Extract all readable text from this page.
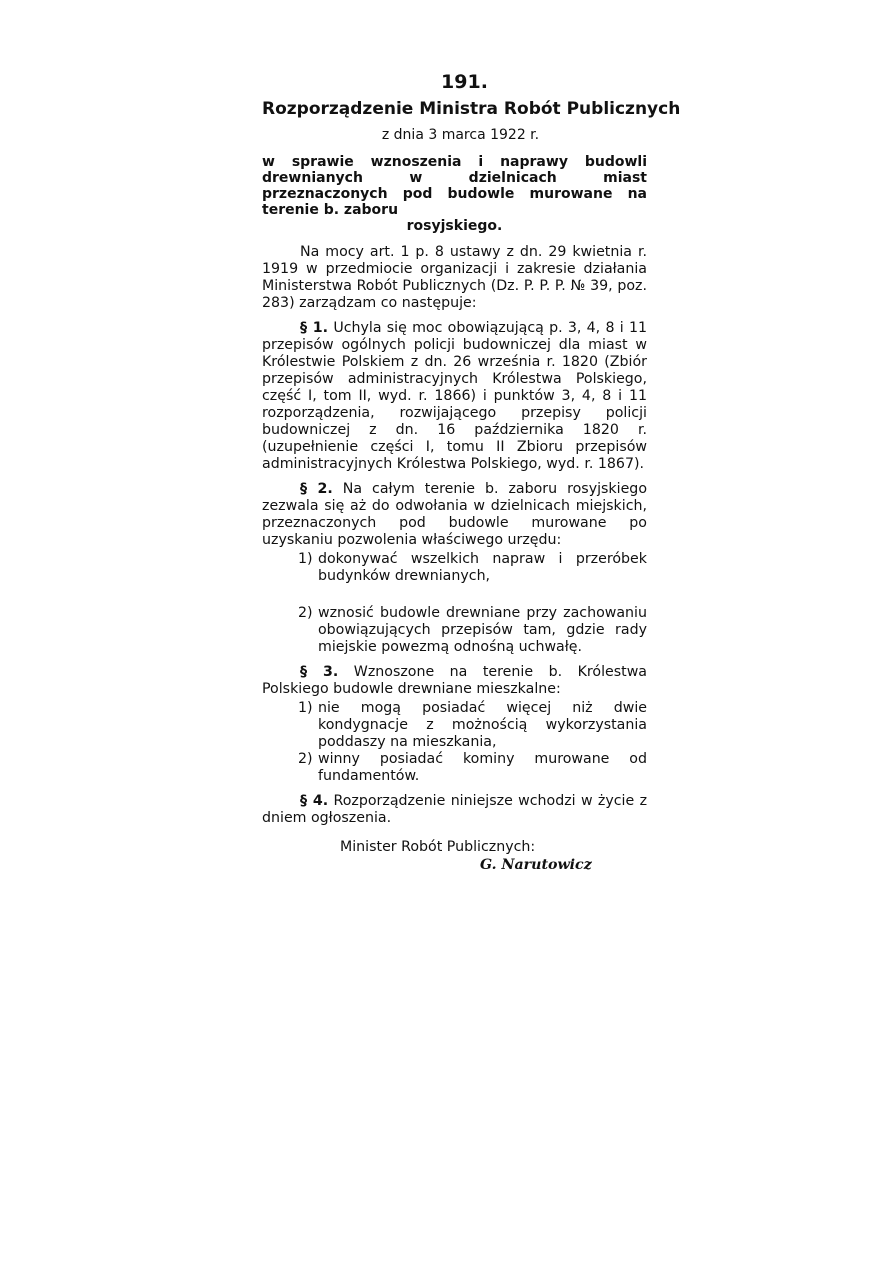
191.
Rozporządzenie Ministra Robót Publicznych
z dnia 3 marca 1922 r.
w sprawie wznoszenia i naprawy budowli drewnianych w dzielnicach miast przeznaczonych pod budowle murowane na terenie b. zaboru
rosyjskiego.

Na mocy art. 1 p. 8 ustawy z dn. 29 kwietnia r. 1919 w przedmiocie organizacji i zakresie działania Ministerstwa Robót Publicznych (Dz. P. P. P. № 39, poz. 283) zarządzam co następuje:

§ 1. Uchyla się moc obowiązującą p. 3, 4, 8 i 11 przepisów ogólnych policji budowniczej dla miast w Królestwie Polskiem z dn. 26 września r. 1820 (Zbiór przepisów administracyjnych Królestwa Polskiego, część I, tom II, wyd. r. 1866) i punktów 3, 4, 8 i 11 rozporządzenia, rozwijającego przepisy policji budowniczej z dn. 16 października 1820 r. (uzupełnienie części I, tomu II Zbioru przepisów administracyjnych Królestwa Polskiego, wyd. r. 1867).

§ 2. Na całym terenie b. zaboru rosyjskiego zezwala się aż do odwołania w dzielnicach miejskich, przeznaczonych pod budowle murowane po uzyskaniu pozwolenia właściwego urzędu:

1) dokonywać wszelkich napraw i przeróbek budynków drewnianych,
2) wznosić budowle drewniane przy zachowaniu obowiązujących przepisów tam, gdzie rady miejskie powezmą odnośną uchwałę.

§ 3. Wznoszone na terenie b. Królestwa Polskiego budowle drewniane mieszkalne:

1) nie mogą posiadać więcej niż dwie kondygnacje z możnością wykorzystania poddaszy na mieszkania,
2) winny posiadać kominy murowane od fundamentów.

§ 4. Rozporządzenie niniejsze wchodzi w życie z dniem ogłoszenia.

Minister Robót Publicznych:
G. Narutowicz
